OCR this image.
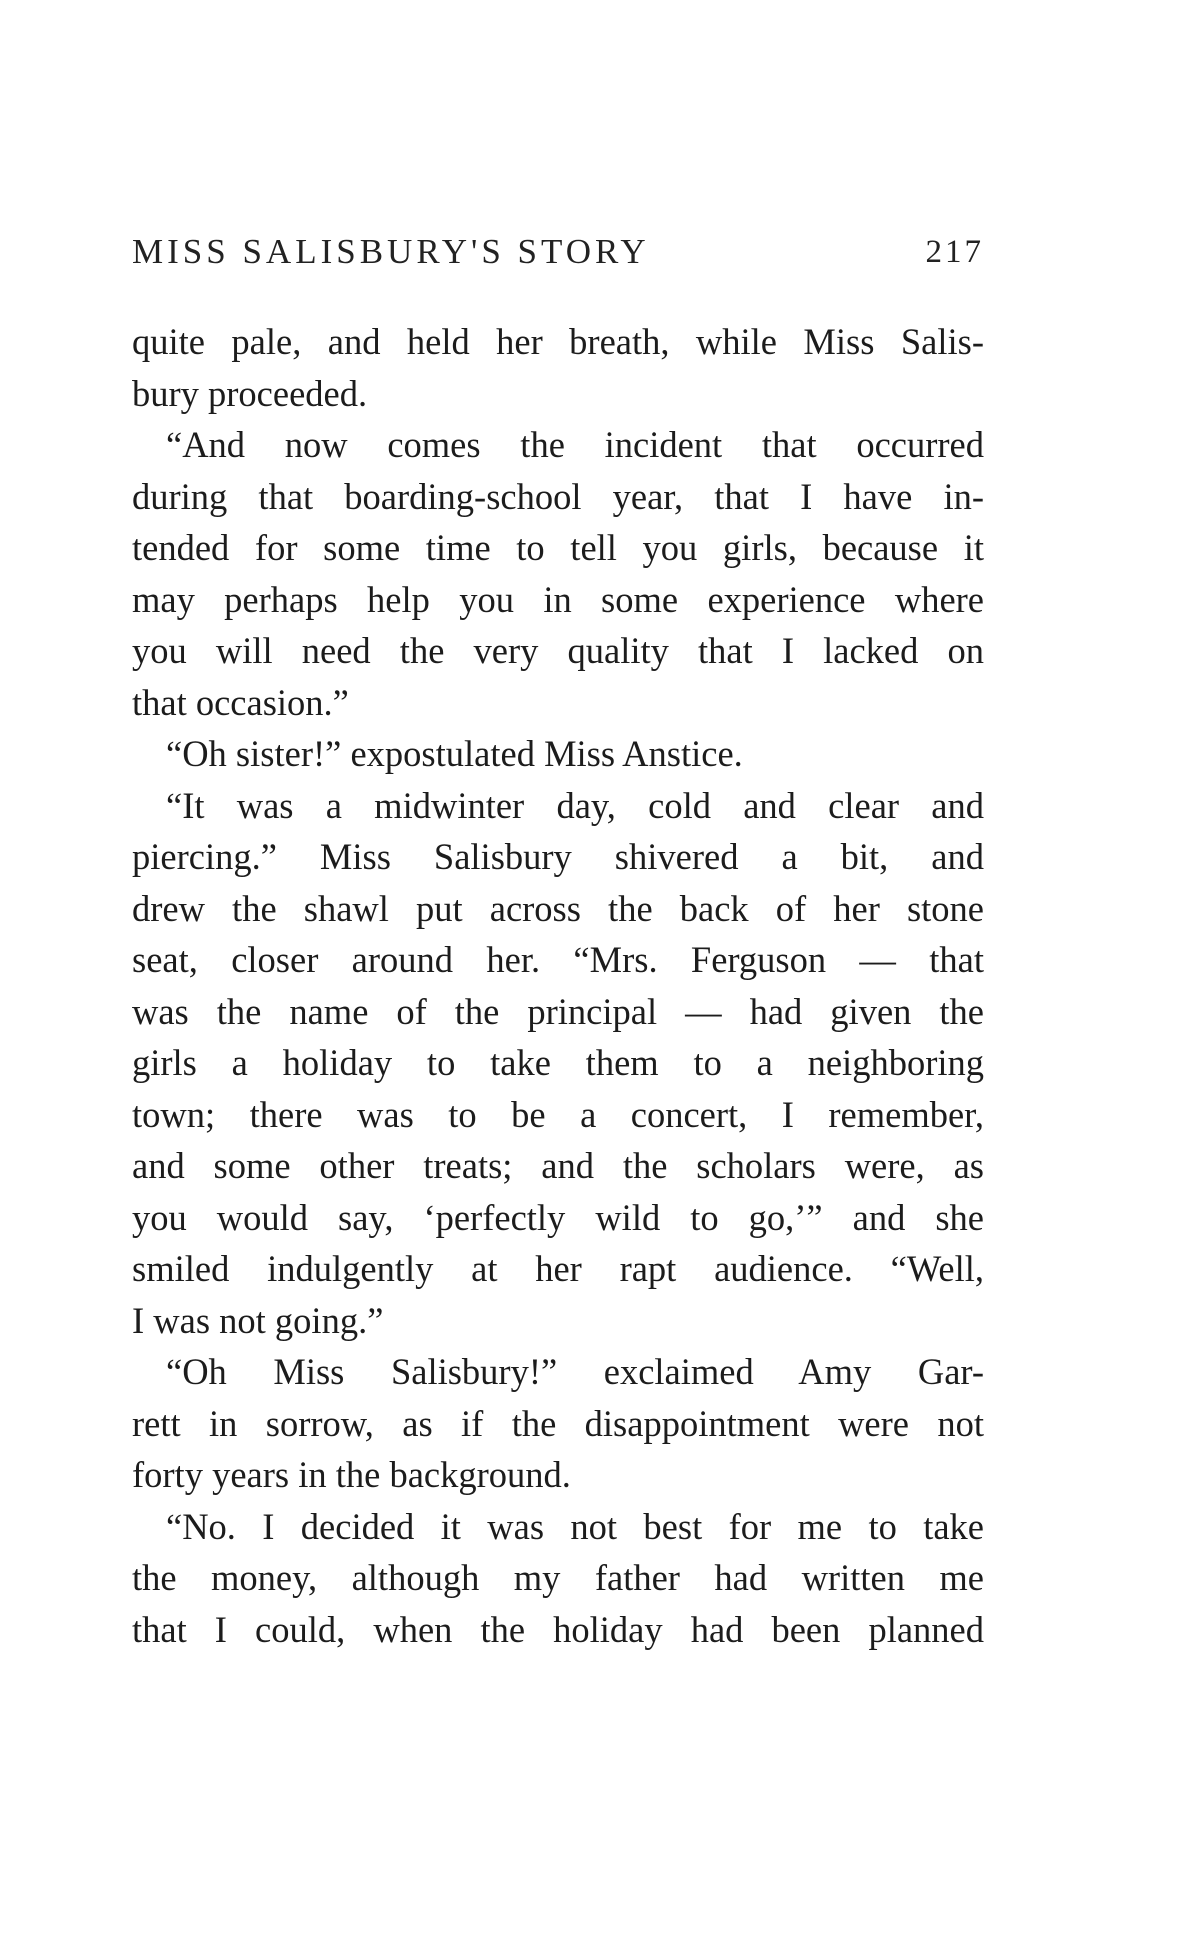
MISS SALISBURY'S STORY	217
quite pale, and held her breath, while Miss Salis-
bury proceeded.
“And now comes the incident that occurred
during that boarding-school year, that I have in-
tended for some time to tell you girls, because it
may perhaps help you in some experience where
you will need the very quality that I lacked on
that occasion.”
“Oh sister!” expostulated Miss Anstice.
“It was a midwinter day, cold and clear and
piercing.” Miss Salisbury shivered a bit, and
drew the shawl put across the back of her stone
seat, closer around her. “Mrs. Ferguson — that
was the name of the principal — had given the
girls a holiday to take them to a neighboring
town; there was to be a concert, I remember,
and some other treats; and the scholars were, as
you would say, ‘perfectly wild to go,’” and she
smiled indulgently at her rapt audience. “Well,
I was not going.”
“Oh Miss Salisbury!” exclaimed Amy Gar-
rett in sorrow, as if the disappointment were not
forty years in the background.
“No. I decided it was not best for me to take
the money, although my father had written me
that I could, when the holiday had been planned
